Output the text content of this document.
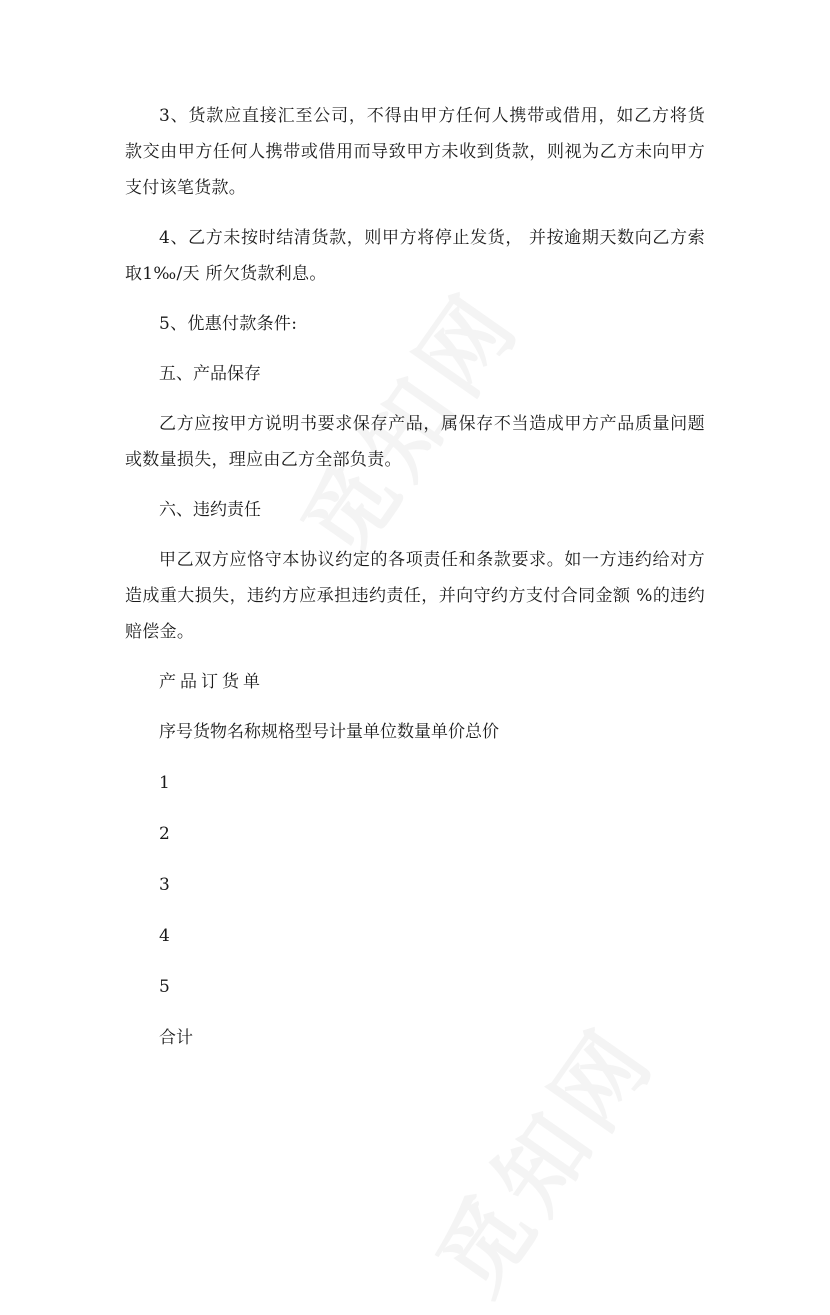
3、货款应直接汇至公司，不得由甲方任何人携带或借用，如乙方将货款交由甲方任何人携带或借用而导致甲方未收到货款，则视为乙方未向甲方支付该笔货款。

4、乙方未按时结清货款，则甲方将停止发货， 并按逾期天数向乙方索取1‰/天 所欠货款利息。

5、优惠付款条件:

五、产品保存

乙方应按甲方说明书要求保存产品，属保存不当造成甲方产品质量问题或数量损失，理应由乙方全部负责。

六、违约责任

甲乙双方应恪守本协议约定的各项责任和条款要求。如一方违约给对方造成重大损失，违约方应承担违约责任，并向守约方支付合同金额 %的违约赔偿金。

产品订货单

序号货物名称规格型号计量单位数量单价总价

1

2

3

4

5

合计
